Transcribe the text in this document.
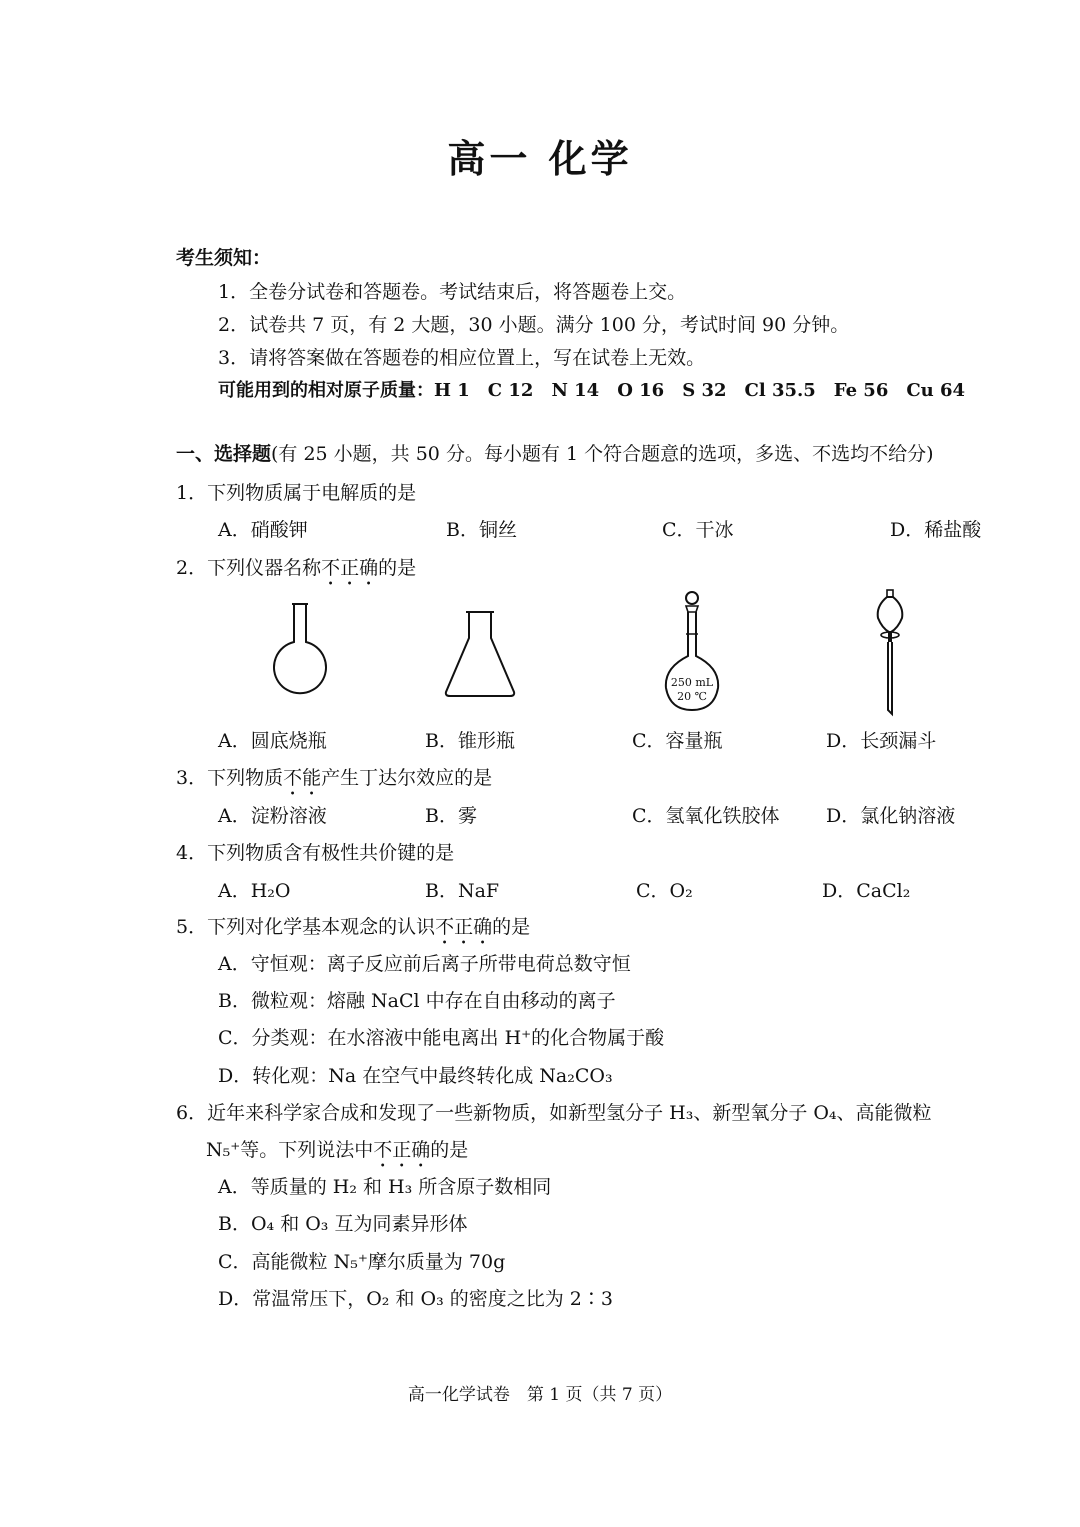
高一 化学
考生须知：
1．全卷分试卷和答题卷。考试结束后，将答题卷上交。
2．试卷共 7 页，有 2 大题，30 小题。满分 100 分，考试时间 90 分钟。
3．请将答案做在答题卷的相应位置上，写在试卷上无效。
可能用到的相对原子质量：H 1　C 12　N 14　O 16　S 32　Cl 35.5　Fe 56　Cu 64
一、选择题(有 25 小题，共 50 分。每小题有 1 个符合题意的选项，多选、不选均不给分)
1．下列物质属于电解质的是
A．硝酸钾	B．铜丝	C．干冰	D．稀盐酸
2．下列仪器名称不正确的是
250 mL
20 ℃
A．圆底烧瓶	B．锥形瓶	C．容量瓶	D．长颈漏斗
3．下列物质不能产生丁达尔效应的是
A．淀粉溶液	B．雾	C．氢氧化铁胶体 D．氯化钠溶液
4．下列物质含有极性共价键的是
A．H₂O	B．NaF	C．O₂	D．CaCl₂
5．下列对化学基本观念的认识不正确的是
A．守恒观：离子反应前后离子所带电荷总数守恒
B．微粒观：熔融 NaCl 中存在自由移动的离子
C．分类观：在水溶液中能电离出 H⁺的化合物属于酸
D．转化观：Na 在空气中最终转化成 Na₂CO₃
6．近年来科学家合成和发现了一些新物质，如新型氢分子 H₃、新型氧分子 O₄、高能微粒
N₅⁺等。下列说法中不正确的是
A．等质量的 H₂ 和 H₃ 所含原子数相同
B．O₄ 和 O₃ 互为同素异形体
C．高能微粒 N₅⁺摩尔质量为 70g
D．常温常压下，O₂ 和 O₃ 的密度之比为 2∶3
高一化学试卷　第 1 页（共 7 页）
